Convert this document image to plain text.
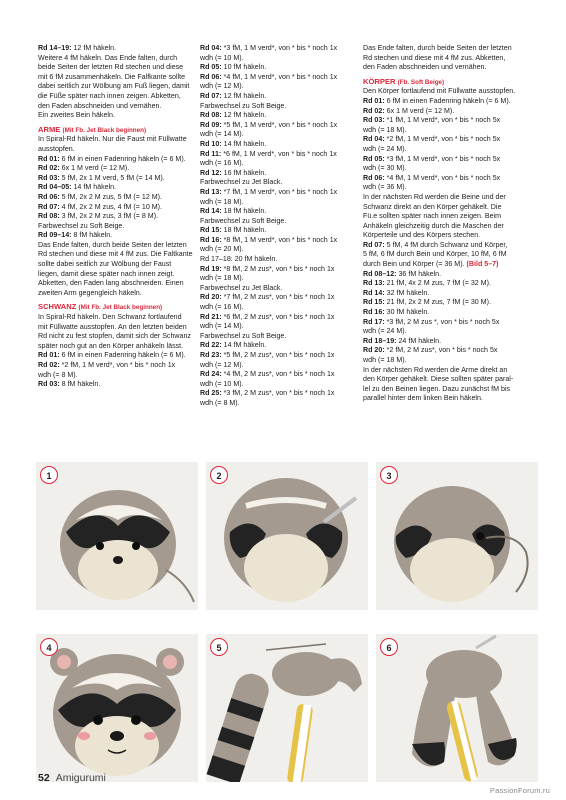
Rd 14–19: 12 fM häkeln.
Weitere 4 fM häkeln. Das Ende falten, durch
beide Seiten der letzten Rd stechen und diese
mit 6 fM zusammenhäkeln. Die Falfkante sollte
dabei seitlich zur Wölbung am Fuß liegen, damit
die Füße später nach innen zeigen. Abketten,
den Faden abschneiden und vernähen.
Ein zweites Bein häkeln.
ARME (Mit Fb. Jet Black beginnen)
In Spiral-Rd häkeln. Nur die Faust mit Füllwatte
ausstopfen.
Rd 01: 6 fM in einen Fadenring häkeln (= 6 M).
Rd 02: 6x 1 M verd (= 12 M).
Rd 03: 5 fM, 2x 1 M verd, 5 fM (= 14 M).
Rd 04–05: 14 fM häkeln.
Rd 06: 5 fM, 2x 2 M zus, 5 fM (= 12 M).
Rd 07: 4 fM, 2x 2 M zus, 4 fM (= 10 M).
Rd 08: 3 fM, 2x 2 M zus, 3 fM (= 8 M).
Farbwechsel zu Soft Beige.
Rd 09–14: 8 fM häkeln.
Das Ende falten, durch beide Seiten der letzten
Rd stechen und diese mit 4 fM zus. Die Faltkante
sollte dabei seitlich zur Wölbung der Faust
liegen, damit diese später nach innen zeigt.
Abketten, den Faden lang abschneiden. Einen
zweiten Arm gegengleich häkeln.
SCHWANZ (Mit Fb. Jet Black beginnen)
In Spiral-Rd häkeln. Den Schwanz fortlaufend
mit Füllwatte ausstopfen. An den letzten beiden
Rd nicht zu fest stopfen, damit sich der Schwanz
später noch gut an den Körper anhäkeln lässt.
Rd 01: 6 fM in einen Fadenring häkeln (= 6 M).
Rd 02: *2 fM, 1 M verd*, von * bis * noch 1x
wdh (= 8 M).
Rd 03: 8 fM häkeln.
Rd 04: *3 fM, 1 M verd*, von * bis * noch 1x
wdh (= 10 M).
Rd 05: 10 fM häkeln.
Rd 06: *4 fM, 1 M verd*, von * bis * noch 1x
wdh (= 12 M).
Rd 07: 12 fM häkeln.
Farbwechsel zu Soft Beige.
Rd 08: 12 fM häkeln.
Rd 09: *5 fM, 1 M verd*, von * bis * noch 1x
wdh (= 14 M).
Rd 10: 14 fM häkeln.
Rd 11: *6 fM, 1 M verd*, von * bis * noch 1x
wdh (= 16 M).
Rd 12: 16 fM häkeln.
Farbwechsel zu Jet Black.
Rd 13: *7 fM, 1 M verd*, von * bis * noch 1x
wdh (= 18 M).
Rd 14: 18 fM häkeln.
Farbwechsel zu Soft Beige.
Rd 15: 18 fM häkeln.
Rd 16: *8 fM, 1 M verd*, von * bis * noch 1x
wdh (= 20 M).
Rd 17–18: 20 fM häkeln.
Rd 19: *8 fM, 2 M zus*, von * bis * noch 1x
wdh (= 18 M).
Farbwechsel zu Jet Black.
Rd 20: *7 fM, 2 M zus*, von * bis * noch 1x
wdh (= 16 M).
Rd 21: *6 fM, 2 M zus*, von * bis * noch 1x
wdh (= 14 M).
Farbwechsel zu Soft Beige.
Rd 22: 14 fM häkeln.
Rd 23: *5 fM, 2 M zus*, von * bis * noch 1x
wdh (= 12 M).
Rd 24: *4 fM, 2 M zus*, von * bis * noch 1x
wdh (= 10 M).
Rd 25: *3 fM, 2 M zus*, von * bis * noch 1x
wdh (= 8 M).
Das Ende falten, durch beide Seiten der letzten
Rd stechen und diese mit 4 fM zus. Abketten,
den Faden abschneiden und vernähen.
KÖRPER (Fb. Soft Beige)
Den Körper fortlaufend mit Füllwatte ausstopfen.
Rd 01: 6 fM in einen Fadenring häkeln (= 6 M).
Rd 02: 6x 1 M verd (= 12 M).
Rd 03: *1 fM, 1 M verd*, von * bis * noch 5x
wdh (= 18 M).
Rd 04: *2 fM, 1 M verd*, von * bis * noch 5x
wdh (= 24 M).
Rd 05: *3 fM, 1 M verd*, von * bis * noch 5x
wdh (= 30 M).
Rd 06: *4 fM, 1 M verd*, von * bis * noch 5x
wdh (= 36 M).
In der nächsten Rd werden die Beine und der
Schwanz direkt an den Körper gehäkelt. Die
Fü.e sollten später nach innen zeigen. Beim
Anhäkeln gleichzeitig durch die Maschen der
Körperteile und des Körpers stechen.
Rd 07: 5 fM, 4 fM durch Schwanz und Körper,
5 fM, 6 fM durch Bein und Körper, 10 fM, 6 fM
durch Bein und Körper (= 36 M). (Bild 5–7)
Rd 08–12: 36 fM häkeln.
Rd 13: 21 fM, 4x 2 M zus, 7 fM (= 32 M).
Rd 14: 32 fM häkeln.
Rd 15: 21 fM, 2x 2 M zus, 7 fM (= 30 M).
Rd 16: 30 fM häkeln.
Rd 17: *3 fM, 2 M zus *, von * bis * noch 5x
wdh (= 24 M).
Rd 18–19: 24 fM häkeln.
Rd 20: *2 fM, 2 M zus*, von * bis * noch 5x
wdh (= 18 M).
In der nächsten Rd werden die Arme direkt an
den Körper gehäkelt. Diese sollten später paral-
lel zu den Beinen liegen. Dazu zunächst fM bis
parallel hinter dem linken Bein häkeln.
1	2	3
4	5	6
52 Amigurumi
PassionForum.ru
